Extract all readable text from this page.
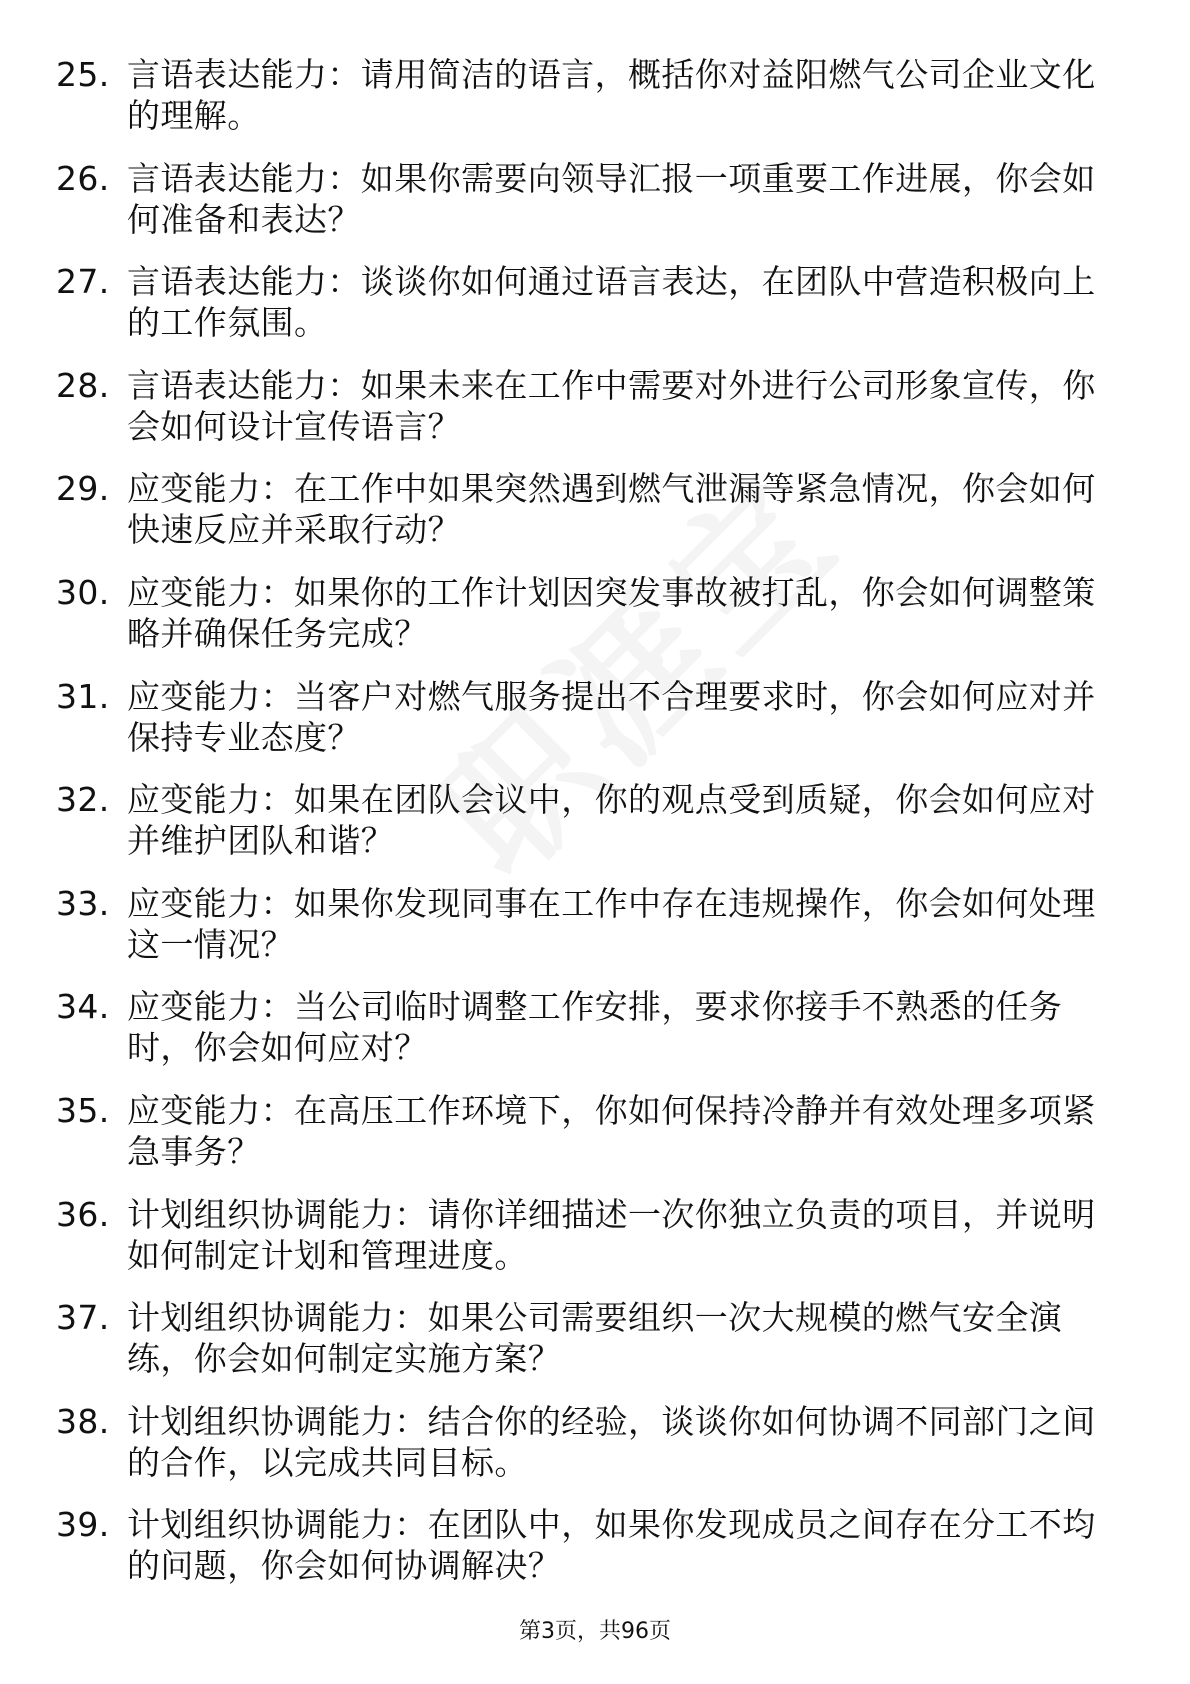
25. 言语表达能力：请用简洁的语言，概括你对益阳燃气公司企业文化的理解。
26. 言语表达能力：如果你需要向领导汇报一项重要工作进展，你会如何准备和表达？
27. 言语表达能力：谈谈你如何通过语言表达，在团队中营造积极向上的工作氛围。
28. 言语表达能力：如果未来在工作中需要对外进行公司形象宣传，你会如何设计宣传语言？
29. 应变能力：在工作中如果突然遇到燃气泄漏等紧急情况，你会如何快速反应并采取行动？
30. 应变能力：如果你的工作计划因突发事故被打乱，你会如何调整策略并确保任务完成？
31. 应变能力：当客户对燃气服务提出不合理要求时，你会如何应对并保持专业态度？
32. 应变能力：如果在团队会议中，你的观点受到质疑，你会如何应对并维护团队和谐？
33. 应变能力：如果你发现同事在工作中存在违规操作，你会如何处理这一情况？
34. 应变能力：当公司临时调整工作安排，要求你接手不熟悉的任务时，你会如何应对？
35. 应变能力：在高压工作环境下，你如何保持冷静并有效处理多项紧急事务？
36. 计划组织协调能力：请你详细描述一次你独立负责的项目，并说明如何制定计划和管理进度。
37. 计划组织协调能力：如果公司需要组织一次大规模的燃气安全演练，你会如何制定实施方案？
38. 计划组织协调能力：结合你的经验，谈谈你如何协调不同部门之间的合作，以完成共同目标。
39. 计划组织协调能力：在团队中，如果你发现成员之间存在分工不均的问题，你会如何协调解决？
第3页，共96页
